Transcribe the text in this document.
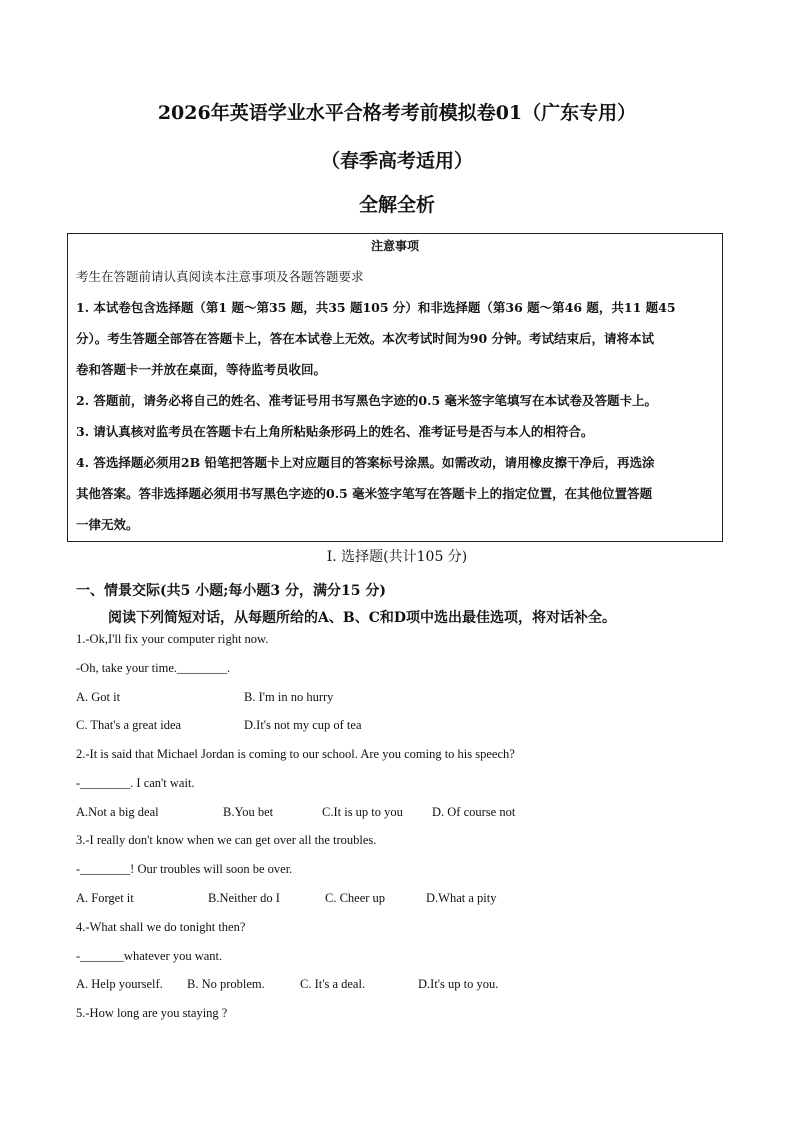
2026年英语学业水平合格考考前模拟卷01（广东专用）
（春季高考适用）
全解全析
注意事项
考生在答题前请认真阅读本注意事项及各题答题要求
1. 本试卷包含选择题（第1 题～第35 题，共35 题105 分）和非选择题（第36 题～第46 题，共11 题45
分）。考生答题全部答在答题卡上，答在本试卷上无效。本次考试时间为90 分钟。考试结束后，请将本试
卷和答题卡一并放在桌面，等待监考员收回。
2. 答题前，请务必将自己的姓名、准考证号用书写黑色字迹的0.5 毫米签字笔填写在本试卷及答题卡上。
3. 请认真核对监考员在答题卡右上角所粘贴条形码上的姓名、准考证号是否与本人的相符合。
4. 答选择题必须用2B 铅笔把答题卡上对应题目的答案标号涂黑。如需改动，请用橡皮擦干净后，再选涂
其他答案。答非选择题必须用书写黑色字迹的0.5 毫米签字笔写在答题卡上的指定位置，在其他位置答题
一律无效。
I. 选择题(共计105 分)
一、情景交际(共5 小题;每小题3 分，满分15 分)
阅读下列简短对话，从每题所给的A、B、C和D项中选出最佳选项，将对话补全。
1.-Ok,I'll fix your computer right now.
-Oh, take your time.________.
A. Got it	B. I'm in no hurry
C. That's a great idea	D.It's not my cup of tea
2.-It is said that Michael Jordan is coming to our school. Are you coming to his speech?
-________. I can't wait.
A.Not a big deal	B.You bet	C.It is up to you D. Of course not
3.-I really don't know when we can get over all the troubles.
-________! Our troubles will soon be over.
A. Forget it	B.Neither do I	C. Cheer up	D.What a pity
4.-What shall we do tonight then?
-_______whatever you want.
A. Help yourself. B. No problem.	C. It's a deal.	D.It's up to you.
5.-How long are you staying ?
